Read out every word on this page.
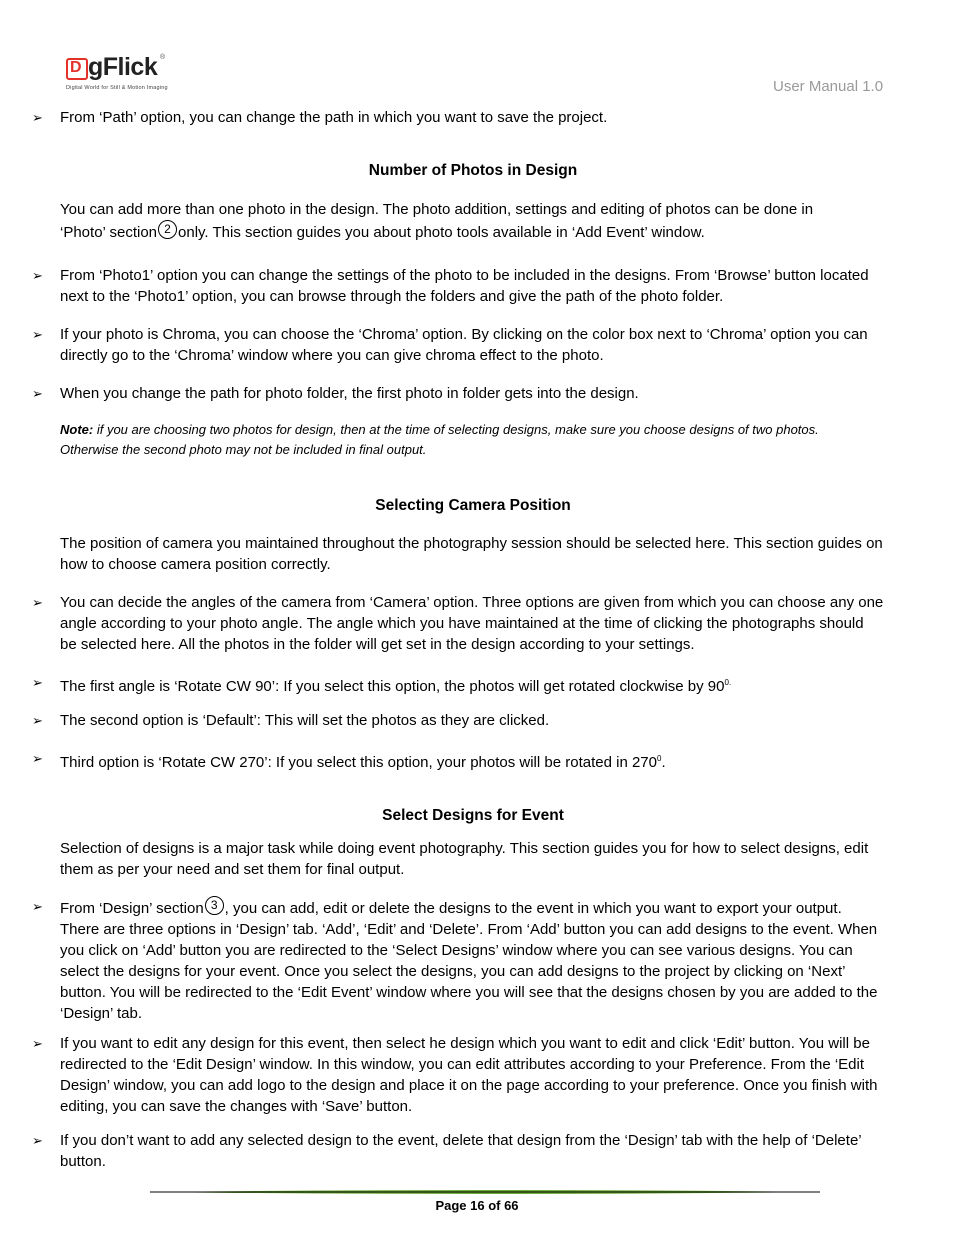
D gFlick ®
Digital World for Still & Motion Imaging	User Manual 1.0
➢ From ‘Path’ option, you can change the path in which you want to save the project.
Number of Photos in Design
You can add more than one photo in the design. The photo addition, settings and editing of photos can be done in
‘Photo’ section 2 only. This section guides you about photo tools available in ‘Add Event’ window.
➢ From ‘Photo1’ option you can change the settings of the photo to be included in the designs. From ‘Browse’ button located next to the ‘Photo1’ option, you can browse through the folders and give the path of the photo folder.
➢ If your photo is Chroma, you can choose the ‘Chroma’ option. By clicking on the color box next to ‘Chroma’ option you can directly go to the ‘Chroma’ window where you can give chroma effect to the photo.
➢ When you change the path for photo folder, the first photo in folder gets into the design.
Note: if you are choosing two photos for design, then at the time of selecting designs, make sure you choose designs of two photos. Otherwise the second photo may not be included in final output.
Selecting Camera Position
The position of camera you maintained throughout the photography session should be selected here. This section guides on how to choose camera position correctly.
➢ You can decide the angles of the camera from ‘Camera’ option. Three options are given from which you can choose any one angle according to your photo angle. The angle which you have maintained at the time of clicking the photographs should be selected here. All the photos in the folder will get set in the design according to your settings.
➢ The first angle is ‘Rotate CW 90’: If you select this option, the photos will get rotated clockwise by $90^{0.}$
➢ The second option is ‘Default’: This will set the photos as they are clicked.
➢ Third option is ‘Rotate CW 270’: If you select this option, your photos will be rotated in $270^0$.
Select Designs for Event
Selection of designs is a major task while doing event photography. This section guides you for how to select designs, edit them as per your need and set them for final output.
➢ From ‘Design’ section 3 , you can add, edit or delete the designs to the event in which you want to export your output. There are three options in ‘Design’ tab. ‘Add’, ‘Edit’ and ‘Delete’. From ‘Add’ button you can add designs to the event. When you click on ‘Add’ button you are redirected to the ‘Select Designs’ window where you can see various designs. You can select the designs for your event. Once you select the designs, you can add designs to the project by clicking on ‘Next’ button. You will be redirected to the ‘Edit Event’ window where you will see that the designs chosen by you are added to the ‘Design’ tab.
➢ If you want to edit any design for this event, then select he design which you want to edit and click ‘Edit’ button. You will be redirected to the ‘Edit Design’ window. In this window, you can edit attributes according to your Preference. From the ‘Edit Design’ window, you can add logo to the design and place it on the page according to your preference. Once you finish with editing, you can save the changes with ‘Save’ button.
➢ If you don’t want to add any selected design to the event, delete that design from the ‘Design’ tab with the help of ‘Delete’ button.
Page 16 of 66
